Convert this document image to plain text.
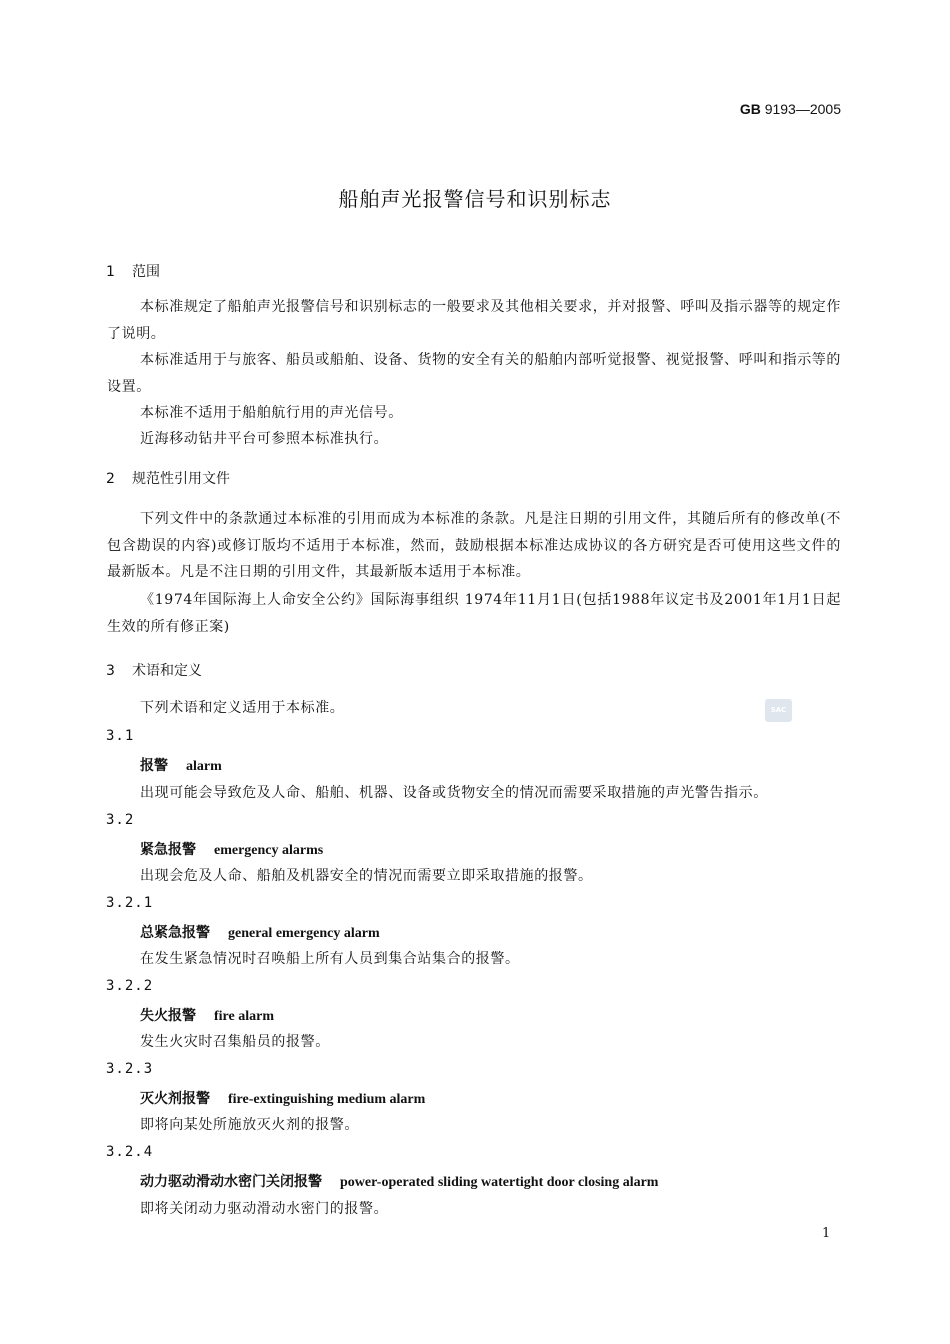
GB 9193—2005
船舶声光报警信号和识别标志
1 范围
本标准规定了船舶声光报警信号和识别标志的一般要求及其他相关要求，并对报警、呼叫及指示器等的规定作了说明。
本标准适用于与旅客、船员或船舶、设备、货物的安全有关的船舶内部听觉报警、视觉报警、呼叫和指示等的设置。
本标准不适用于船舶航行用的声光信号。
近海移动钻井平台可参照本标准执行。
2 规范性引用文件
下列文件中的条款通过本标准的引用而成为本标准的条款。凡是注日期的引用文件，其随后所有的修改单(不包含勘误的内容)或修订版均不适用于本标准，然而，鼓励根据本标准达成协议的各方研究是否可使用这些文件的最新版本。凡是不注日期的引用文件，其最新版本适用于本标准。
《1974年国际海上人命安全公约》国际海事组织 1974年11月1日(包括1988年议定书及2001年1月1日起生效的所有修正案)
3 术语和定义
下列术语和定义适用于本标准。	SAC
3.1
报警 alarm
出现可能会导致危及人命、船舶、机器、设备或货物安全的情况而需要采取措施的声光警告指示。
3.2
紧急报警 emergency alarms
出现会危及人命、船舶及机器安全的情况而需要立即采取措施的报警。
3.2.1
总紧急报警 general emergency alarm
在发生紧急情况时召唤船上所有人员到集合站集合的报警。
3.2.2
失火报警 fire alarm
发生火灾时召集船员的报警。
3.2.3
灭火剂报警 fire-extinguishing medium alarm
即将向某处所施放灭火剂的报警。
3.2.4
动力驱动滑动水密门关闭报警 power-operated sliding watertight door closing alarm
即将关闭动力驱动滑动水密门的报警。
1
